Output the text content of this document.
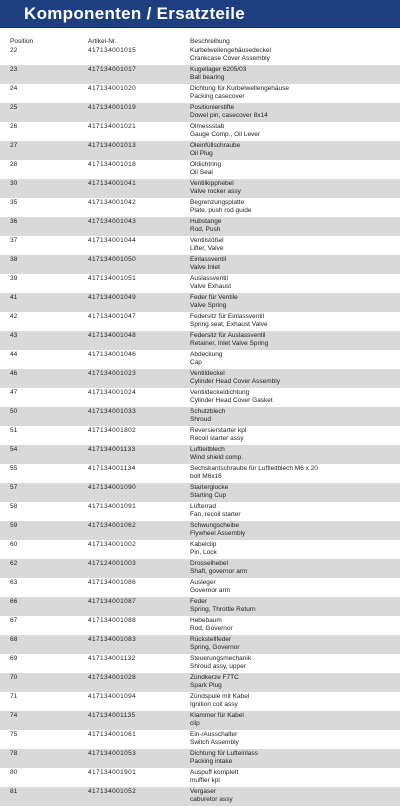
Komponenten / Ersatzteile
Position	Artikel-Nr.	Beschreibung
22	417134001015	Kurbelwellengehäusedeckel
Crankcase Cover Assembly
23	417134001017	Kugellager 6205/03
Ball bearing
24	417134001020	Dichtung für Kurbelwellengehäuse
Packing casecover
25	417134001019	Positionierstifte
Dowel pin, casecover 8x14
26	417134001021	Ölmessstab
Gauge Comp., Oil Lever
27	417134001013	Öleinfüllschraube
Oil Plug
28	417134001018	Öldichtring
Oil Seal
30	417134001041	Ventilkipphebel
Valve rocker assy
35	417134001042	Begrenzungsplatte
Plate, push rod guide
36	417134001043	Hubstange
Rod, Push
37	417134001044	Ventilstößel
Lifter, Valve
38	417134001050	Einlassventil
Valve Inlet
39	417134001051	Auslassventil
Valve Exhaust
41	417134001049	Feder für Ventile
Valve Spring
42	417134001047	Federsitz für Einlassventil
Spring seat, Exhaust Valve
43	417134001048	Federsitz für Auslassventil
Retainer, Inlet Valve Spring
44	417134001046	Abdeckung
Cap
46	417134001023	Ventildeckel
Cylinder Head Cover Assembly
47	417134001024	Ventildeckeldichtung
Cylinder Head Cover Gasket
50	417134001033	Schutzblech
Shroud
51	417134001802	Reversierstarter kpl
Recoil starter assy
54	417134001133	Luftleitblech
Wind shield comp.
55	417134001134	Sechskantschraube für Luftleitblech M6 x 20
bolt M6x16
57	417134001090	Starterglocke
Starting Cup
58	417134001091	Lüfterrad
Fan, recoil starter
59	417134001062	Schwungscheibe
Flywheel Assembly
60	417134001002	Kabelclip
Pin, Lock
62	417124001003	Drosselhebel
Shaft, governor arm
63	417134001086	Ausleger
Governor arm
66	417134001087	Feder
Spring, Throttle Return
67	417134001088	Hebebaum
Rod, Governor
68	417134001083	Rückstellfeder
Spring, Governor
69	417134001132	Steuerungsmechanik
Shroud assy, upper
70	417134001028	Zündkerze F7TC
Spark Plug
71	417134001094	Zündspule mit Kabel
Ignition coil assy
74	417134001135	Klammer für Kabel
clip
75	417134001061	Ein-/Ausschalter
Switch Assembly
78	417134001053	Dichtung für Lufteinlass
Packing intake
80	417134001901	Auspuff komplett
muffler kpl
81	417134001052	Vergaser
caburetor assy
